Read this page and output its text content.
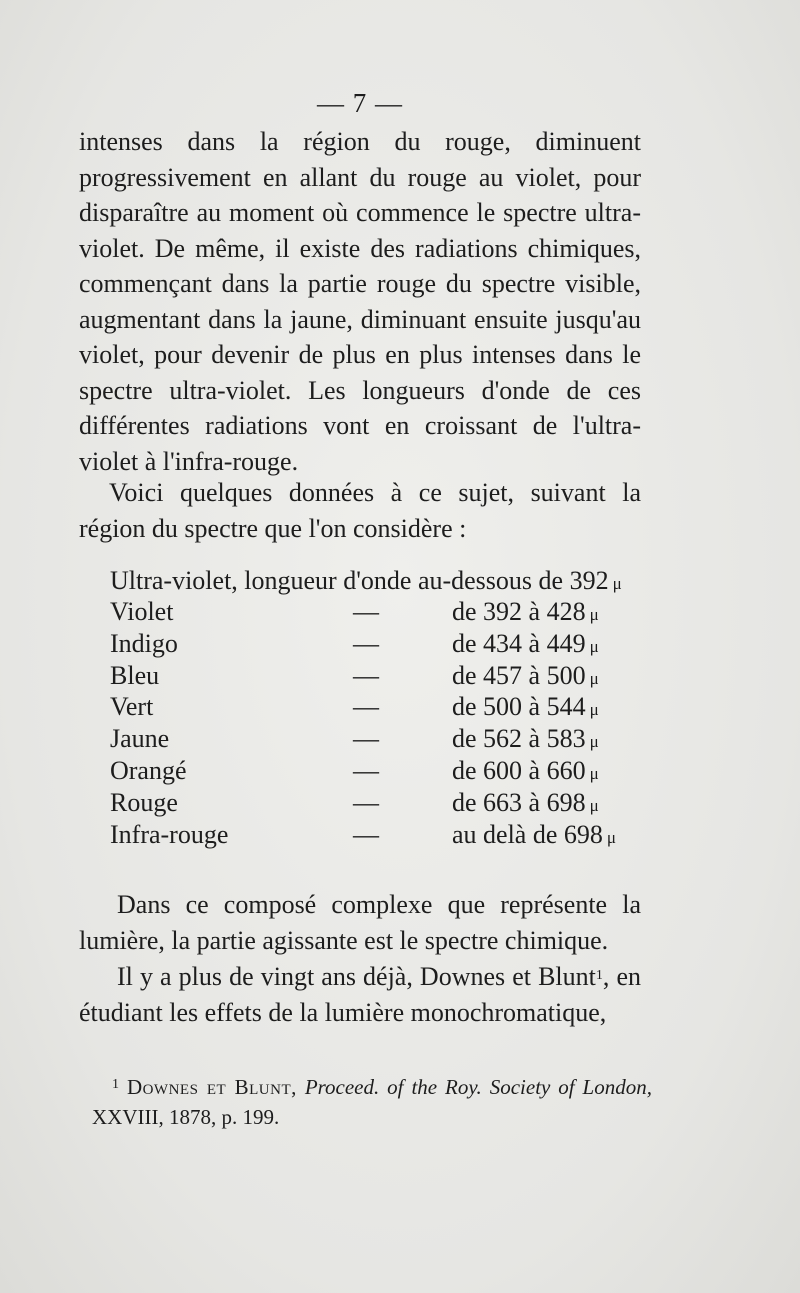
— 7 —

intenses dans la région du rouge, diminuent progressivement en allant du rouge au violet, pour disparaître au moment où commence le spectre ultra-violet. De même, il existe des radiations chimiques, commençant dans la partie rouge du spectre visible, augmentant dans la jaune, diminuant ensuite jusqu'au violet, pour devenir de plus en plus intenses dans le spectre ultra-violet. Les longueurs d'onde de ces différentes radiations vont en croissant de l'ultra-violet à l'infra-rouge.

Voici quelques données à ce sujet, suivant la région du spectre que l'on considère :

Ultra-violet, longueur d'onde au-dessous de 392 μ
Violet	—	de 392 à 428 μ
Indigo	—	de 434 à 449 μ
Bleu	—	de 457 à 500 μ
Vert	—	de 500 à 544 μ
Jaune	—	de 562 à 583 μ
Orangé	—	de 600 à 660 μ
Rouge	—	de 663 à 698 μ
Infra-rouge	—	au delà de 698 μ

Dans ce composé complexe que représente la lumière, la partie agissante est le spectre chimique.

Il y a plus de vingt ans déjà, Downes et Blunt$^1$, en étudiant les effets de la lumière monochromatique,

$^1$ Downes et Blunt, Proceed. of the Roy. Society of London, XXVIII, 1878, p. 199.
